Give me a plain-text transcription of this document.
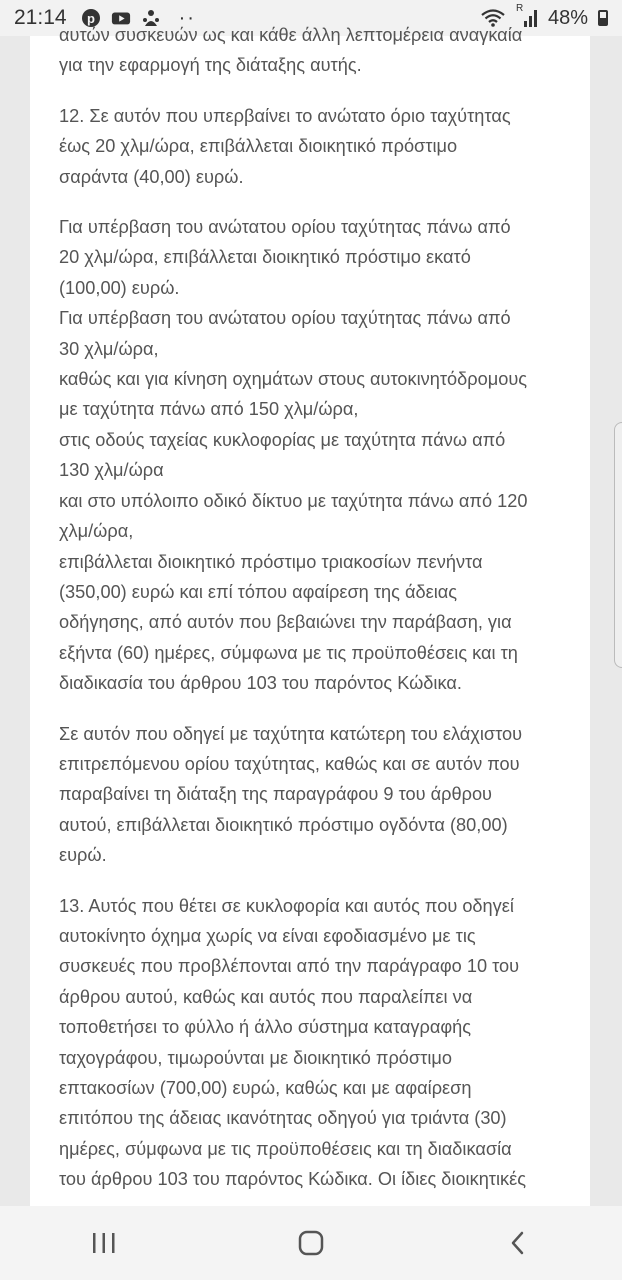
21:14 p	··	R 48%

αυτών συσκευών ως και κάθε άλλη λεπτομέρεια αναγκαία
για την εφαρμογή της διάταξης αυτής.

12. Σε αυτόν που υπερβαίνει το ανώτατο όριο ταχύτητας
έως 20 χλμ/ώρα, επιβάλλεται διοικητικό πρόστιμο
σαράντα (40,00) ευρώ.

Για υπέρβαση του ανώτατου ορίου ταχύτητας πάνω από
20 χλμ/ώρα, επιβάλλεται διοικητικό πρόστιμο εκατό
(100,00) ευρώ.
Για υπέρβαση του ανώτατου ορίου ταχύτητας πάνω από
30 χλμ/ώρα,
καθώς και για κίνηση οχημάτων στους αυτοκινητόδρομους
με ταχύτητα πάνω από 150 χλμ/ώρα,
στις οδούς ταχείας κυκλοφορίας με ταχύτητα πάνω από
130 χλμ/ώρα
και στο υπόλοιπο οδικό δίκτυο με ταχύτητα πάνω από 120
χλμ/ώρα,
επιβάλλεται διοικητικό πρόστιμο τριακοσίων πενήντα
(350,00) ευρώ και επί τόπου αφαίρεση της άδειας
οδήγησης, από αυτόν που βεβαιώνει την παράβαση, για
εξήντα (60) ημέρες, σύμφωνα με τις προϋποθέσεις και τη
διαδικασία του άρθρου 103 του παρόντος Κώδικα.

Σε αυτόν που οδηγεί με ταχύτητα κατώτερη του ελάχιστου
επιτρεπόμενου ορίου ταχύτητας, καθώς και σε αυτόν που
παραβαίνει τη διάταξη της παραγράφου 9 του άρθρου
αυτού, επιβάλλεται διοικητικό πρόστιμο ογδόντα (80,00)
ευρώ.

13. Αυτός που θέτει σε κυκλοφορία και αυτός που οδηγεί
αυτοκίνητο όχημα χωρίς να είναι εφοδιασμένο με τις
συσκευές που προβλέπονται από την παράγραφο 10 του
άρθρου αυτού, καθώς και αυτός που παραλείπει να
τοποθετήσει το φύλλο ή άλλο σύστημα καταγραφής
ταχογράφου, τιμωρούνται με διοικητικό πρόστιμο
επτακοσίων (700,00) ευρώ, καθώς και με αφαίρεση
επιτόπου της άδειας ικανότητας οδηγού για τριάντα (30)
ημέρες, σύμφωνα με τις προϋποθέσεις και τη διαδικασία
του άρθρου 103 του παρόντος Κώδικα. Οι ίδιες διοικητικές
